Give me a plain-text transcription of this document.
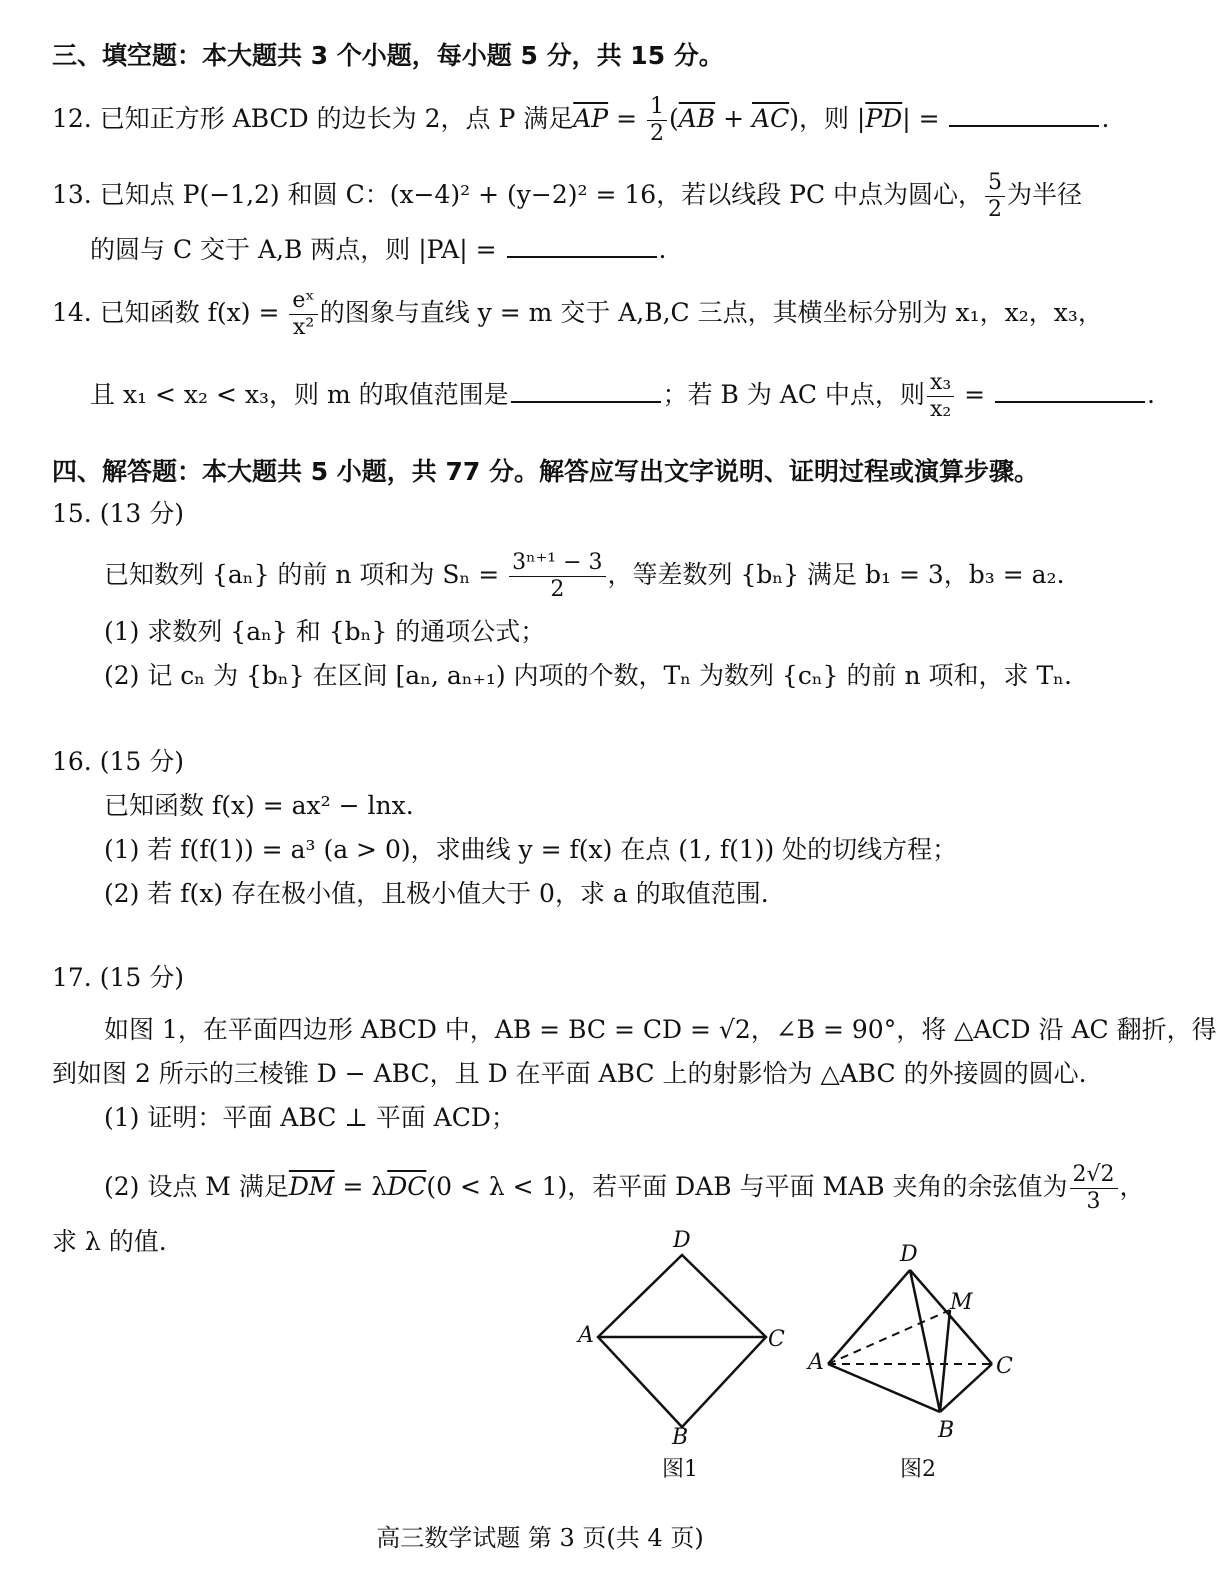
三、填空题：本大题共 3 个小题，每小题 5 分，共 15 分。
12. 已知正方形 ABCD 的边长为 2，点 P 满足$\overline{AP} = \frac{1}{2} (\overline{AB} + \overline{AC})$，则 $|\overline{PD}|$ =	.
13. 已知点 P(−1,2) 和圆 C：(x−4)² + (y−2)² = 16，若以线段 PC 中点为圆心， $\frac{5}{2}$ 为半径
的圆与 C 交于 A,B 两点，则 |PA| =	.
14. 已知函数 $f(x) = \frac{\text{eˣ}}{\text{x²}}$ 的图象与直线 y = m 交于 A,B,C 三点，其横坐标分别为 x₁，x₂，x₃，
且 x₁ < x₂ < x₃，则 m 的取值范围是	；若 B 为 AC 中点，则 $\frac{\text{x₃}}{\text{x₂}}$ =	.
四、解答题：本大题共 5 小题，共 77 分。解答应写出文字说明、证明过程或演算步骤。
15. (13 分)
已知数列 {aₙ} 的前 n 项和为 $S_n = \frac{\text{3ⁿ⁺¹ − 3}}{2}$ ，等差数列 {bₙ} 满足 b₁ = 3，b₃ = a₂.
(1) 求数列 {aₙ} 和 {bₙ} 的通项公式；
(2) 记 cₙ 为 {bₙ} 在区间 [aₙ, aₙ₊₁) 内项的个数，Tₙ 为数列 {cₙ} 的前 n 项和，求 Tₙ.
16. (15 分)
已知函数 f(x) = ax² − lnx.
(1) 若 f(f(1)) = a³ (a > 0)，求曲线 y = f(x) 在点 (1, f(1)) 处的切线方程；
(2) 若 f(x) 存在极小值，且极小值大于 0，求 a 的取值范围.
17. (15 分)
如图 1，在平面四边形 ABCD 中，AB = BC = CD = √2，∠B = 90°，将 △ACD 沿 AC 翻折，得
到如图 2 所示的三棱锥 D − ABC，且 D 在平面 ABC 上的射影恰为 △ABC 的外接圆的圆心.
(1) 证明：平面 ABC ⊥ 平面 ACD；
(2) 设点 M 满足$\overline{DM} = \lambda\overline{DC}(0 < \lambda < 1)$，若平面 DAB 与平面 MAB 夹角的余弦值为 $\frac{2√2}{3}$ ，
求 λ 的值.	D
A	C
B
图1
D
M
A	C
B
图2
高三数学试题 第 3 页(共 4 页)
